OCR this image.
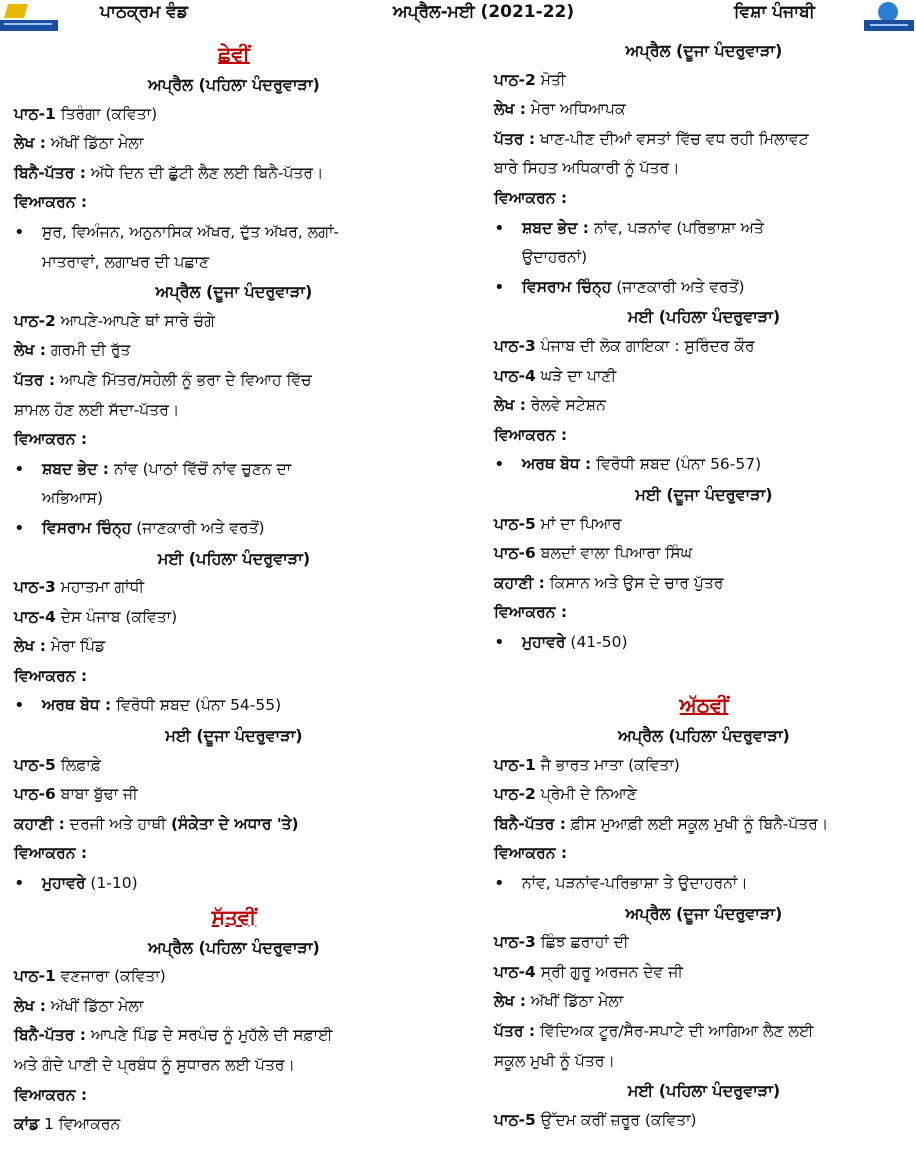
ਪਾਠਕ੍ਰਮ ਵੰਡ	ਅਪ੍ਰੈਲ-ਮਈ (2021-22)	ਵਿਸ਼ਾ ਪੰਜਾਬੀ
ਛੇਵੀਂ
ਅਪ੍ਰੈਲ (ਪਹਿਲਾ ਪੰਦਰੁਵਾੜਾ)
ਪਾਠ-1 ਤਿਰੰਗਾ (ਕਵਿਤਾ)
ਲੇਖ : ਅੱਖੀਂ ਡਿੱਠਾ ਮੇਲਾ
ਬਿਨੈ-ਪੱਤਰ : ਅੱਧੇ ਦਿਨ ਦੀ ਛੁੱਟੀ ਲੈਣ ਲਈ ਬਿਨੈ-ਪੱਤਰ।
ਵਿਆਕਰਨ :
• ਸੁਰ, ਵਿਅੰਜਨ, ਅਨੁਨਾਸਿਕ ਅੱਖਰ, ਦੁੱਤ ਅੱਖਰ, ਲਗਾਂ-
ਮਾਤਰਾਵਾਂ, ਲਗਾਖਰ ਦੀ ਪਛਾਣ
ਅਪ੍ਰੈਲ (ਦੂਜਾ ਪੰਦਰੁਵਾੜਾ)
ਪਾਠ-2 ਆਪਣੇ-ਆਪਣੇ ਥਾਂ ਸਾਰੇ ਚੰਗੇ
ਲੇਖ : ਗਰਮੀ ਦੀ ਰੁੱਤ
ਪੱਤਰ : ਆਪਣੇ ਮਿੱਤਰ/ਸਹੇਲੀ ਨੂੰ ਭਰਾ ਦੇ ਵਿਆਹ ਵਿੱਚ
ਸ਼ਾਮਲ ਹੋਣ ਲਈ ਸੱਦਾ-ਪੱਤਰ।
ਵਿਆਕਰਨ :
• ਸ਼ਬਦ ਭੇਦ : ਨਾਂਵ (ਪਾਠਾਂ ਵਿੱਚੋਂ ਨਾਂਵ ਚੁਣਨ ਦਾ
ਅਭਿਆਸ)
• ਵਿਸਰਾਮ ਚਿੰਨ੍ਹ (ਜਾਣਕਾਰੀ ਅਤੇ ਵਰਤੋਂ)
ਮਈ (ਪਹਿਲਾ ਪੰਦਰੁਵਾੜਾ)
ਪਾਠ-3 ਮਹਾਤਮਾ ਗਾਂਧੀ
ਪਾਠ-4 ਦੇਸ ਪੰਜਾਬ (ਕਵਿਤਾ)
ਲੇਖ : ਮੇਰਾ ਪਿੰਡ
ਵਿਆਕਰਨ :
• ਅਰਥ ਬੋਧ : ਵਿਰੋਧੀ ਸ਼ਬਦ (ਪੰਨਾ 54-55)
ਮਈ (ਦੂਜਾ ਪੰਦਰੁਵਾੜਾ)
ਪਾਠ-5 ਲਿਫ਼ਾਫ਼ੇ
ਪਾਠ-6 ਬਾਬਾ ਬੁੱਢਾ ਜੀ
ਕਹਾਣੀ : ਦਰਜੀ ਅਤੇ ਹਾਥੀ (ਸੰਕੇਤਾ ਦੇ ਅਧਾਰ 'ਤੇ)
ਵਿਆਕਰਨ :
• ਮੁਹਾਵਰੇ (1-10)
ਸੱਤਵੀਂ
ਅਪ੍ਰੈਲ (ਪਹਿਲਾ ਪੰਦਰੁਵਾੜਾ)
ਪਾਠ-1 ਵਣਜਾਰਾ (ਕਵਿਤਾ)
ਲੇਖ : ਅੱਖੀਂ ਡਿੱਠਾ ਮੇਲਾ
ਬਿਨੈ-ਪੱਤਰ : ਆਪਣੇ ਪਿੰਡ ਦੇ ਸਰਪੰਚ ਨੂੰ ਮੁਹੱਲੇ ਦੀ ਸਫ਼ਾਈ
ਅਤੇ ਗੰਦੇ ਪਾਣੀ ਦੇ ਪ੍ਰਬੰਧ ਨੂੰ ਸੁਧਾਰਨ ਲਈ ਪੱਤਰ।
ਵਿਆਕਰਨ :
ਕਾਂਡ 1 ਵਿਆਕਰਨ
ਅਪ੍ਰੈਲ (ਦੂਜਾ ਪੰਦਰੁਵਾੜਾ)
ਪਾਠ-2 ਮੋਤੀ
ਲੇਖ : ਮੇਰਾ ਅਧਿਆਪਕ
ਪੱਤਰ : ਖਾਣ-ਪੀਣ ਦੀਆਂ ਵਸਤਾਂ ਵਿੱਚ ਵਧ ਰਹੀ ਮਿਲਾਵਟ
ਬਾਰੇ ਸਿਹਤ ਅਧਿਕਾਰੀ ਨੂੰ ਪੱਤਰ।
ਵਿਆਕਰਨ :
• ਸ਼ਬਦ ਭੇਦ : ਨਾਂਵ, ਪੜਨਾਂਵ (ਪਰਿਭਾਸ਼ਾ ਅਤੇ
ਉਦਾਹਰਨਾਂ)
• ਵਿਸਰਾਮ ਚਿੰਨ੍ਹ (ਜਾਣਕਾਰੀ ਅਤੇ ਵਰਤੋਂ)
ਮਈ (ਪਹਿਲਾ ਪੰਦਰੁਵਾੜਾ)
ਪਾਠ-3 ਪੰਜਾਬ ਦੀ ਲੋਕ ਗਾਇਕਾ : ਸੁਰਿੰਦਰ ਕੌਰ
ਪਾਠ-4 ਘੜੇ ਦਾ ਪਾਣੀ
ਲੇਖ : ਰੇਲਵੇ ਸਟੇਸ਼ਨ
ਵਿਆਕਰਨ :
• ਅਰਥ ਬੋਧ : ਵਿਰੋਧੀ ਸ਼ਬਦ (ਪੰਨਾ 56-57)
ਮਈ (ਦੂਜਾ ਪੰਦਰੁਵਾੜਾ)
ਪਾਠ-5 ਮਾਂ ਦਾ ਪਿਆਰ
ਪਾਠ-6 ਬਲਦਾਂ ਵਾਲਾ ਪਿਆਰਾ ਸਿੰਘ
ਕਹਾਣੀ : ਕਿਸਾਨ ਅਤੇ ਉਸ ਦੇ ਚਾਰ ਪੁੱਤਰ
ਵਿਆਕਰਨ :
• ਮੁਹਾਵਰੇ (41-50)
ਅੱਠਵੀਂ
ਅਪ੍ਰੈਲ (ਪਹਿਲਾ ਪੰਦਰੁਵਾੜਾ)
ਪਾਠ-1 ਜੈ ਭਾਰਤ ਮਾਤਾ (ਕਵਿਤਾ)
ਪਾਠ-2 ਪ੍ਰੇਮੀ ਦੇ ਨਿਆਣੇ
ਬਿਨੈ-ਪੱਤਰ : ਫ਼ੀਸ ਮੁਆਫ਼ੀ ਲਈ ਸਕੂਲ ਮੁਖੀ ਨੂੰ ਬਿਨੈ-ਪੱਤਰ।
ਵਿਆਕਰਨ :
• ਨਾਂਵ, ਪੜਨਾਂਵ-ਪਰਿਭਾਸ਼ਾ ਤੇ ਉਦਾਹਰਨਾਂ।
ਅਪ੍ਰੈਲ (ਦੂਜਾ ਪੰਦਰੁਵਾੜਾ)
ਪਾਠ-3 ਛਿੰਝ ਛਰਾਹਾਂ ਦੀ
ਪਾਠ-4 ਸ੍ਰੀ ਗੁਰੂ ਅਰਜਨ ਦੇਵ ਜੀ
ਲੇਖ : ਅੱਖੀਂ ਡਿੱਠਾ ਮੇਲਾ
ਪੱਤਰ : ਵਿੱਦਿਅਕ ਟੂਰ/ਸੈਰ-ਸਪਾਟੇ ਦੀ ਆਗਿਆ ਲੈਣ ਲਈ
ਸਕੂਲ ਮੁਖੀ ਨੂੰ ਪੱਤਰ।
ਮਈ (ਪਹਿਲਾ ਪੰਦਰੁਵਾੜਾ)
ਪਾਠ-5 ਉੱਦਮ ਕਰੀਂ ਜ਼ਰੂਰ (ਕਵਿਤਾ)
